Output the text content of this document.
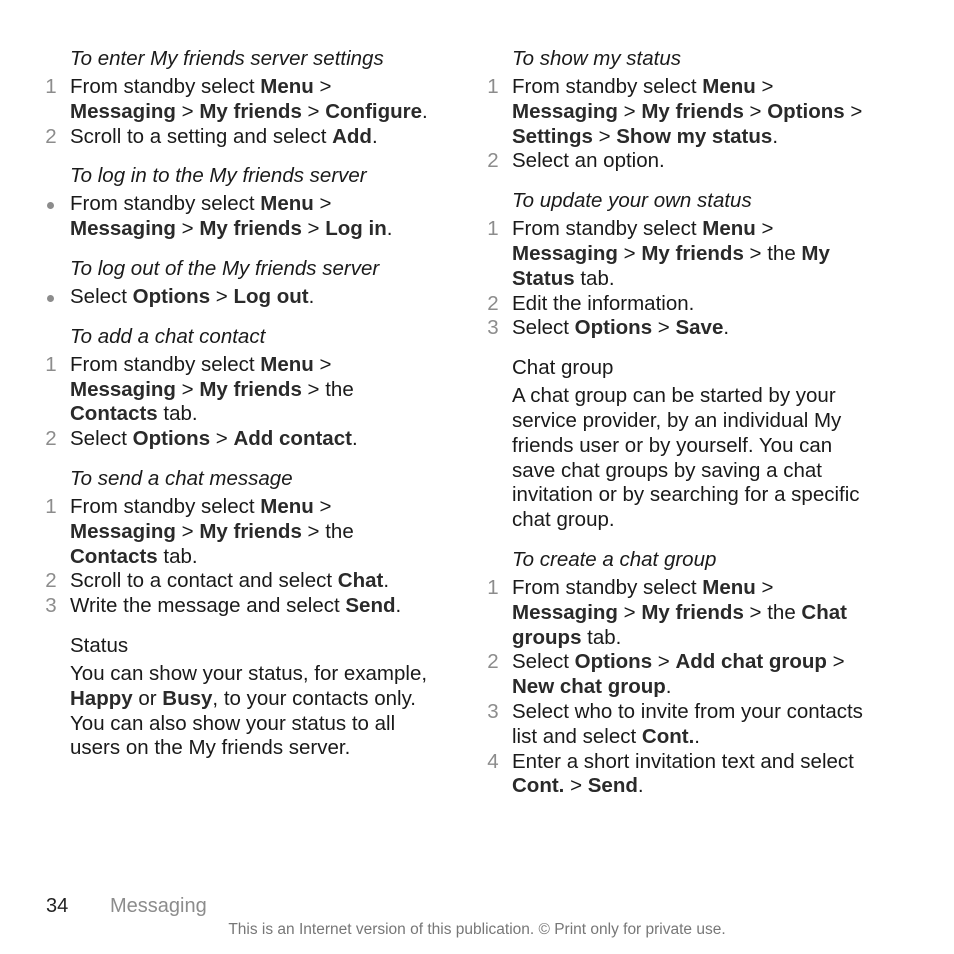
To enter My friends server settings
1 From standby select Menu >
Messaging > My friends > Configure.
2 Scroll to a setting and select Add.
To log in to the My friends server
From standby select Menu >
Messaging > My friends > Log in.
To log out of the My friends server
Select Options > Log out.
To add a chat contact
1 From standby select Menu >
Messaging > My friends > the
Contacts tab.
2 Select Options > Add contact.
To send a chat message
1 From standby select Menu >
Messaging > My friends > the
Contacts tab.
2 Scroll to a contact and select Chat.
3 Write the message and select Send.
Status
You can show your status, for example,
Happy or Busy, to your contacts only.
You can also show your status to all
users on the My friends server.
To show my status
1 From standby select Menu >
Messaging > My friends > Options >
Settings > Show my status.
2 Select an option.
To update your own status
1 From standby select Menu >
Messaging > My friends > the My Status tab.
2 Edit the information.
3 Select Options > Save.
Chat group
A chat group can be started by your
service provider, by an individual My
friends user or by yourself. You can
save chat groups by saving a chat
invitation or by searching for a specific
chat group.
To create a chat group
1 From standby select Menu >
Messaging > My friends > the Chat groups tab.
2 Select Options > Add chat group >
New chat group.
3 Select who to invite from your contacts list and select Cont..
4 Enter a short invitation text and select Cont. > Send.
34 Messaging
This is an Internet version of this publication. © Print only for private use.
